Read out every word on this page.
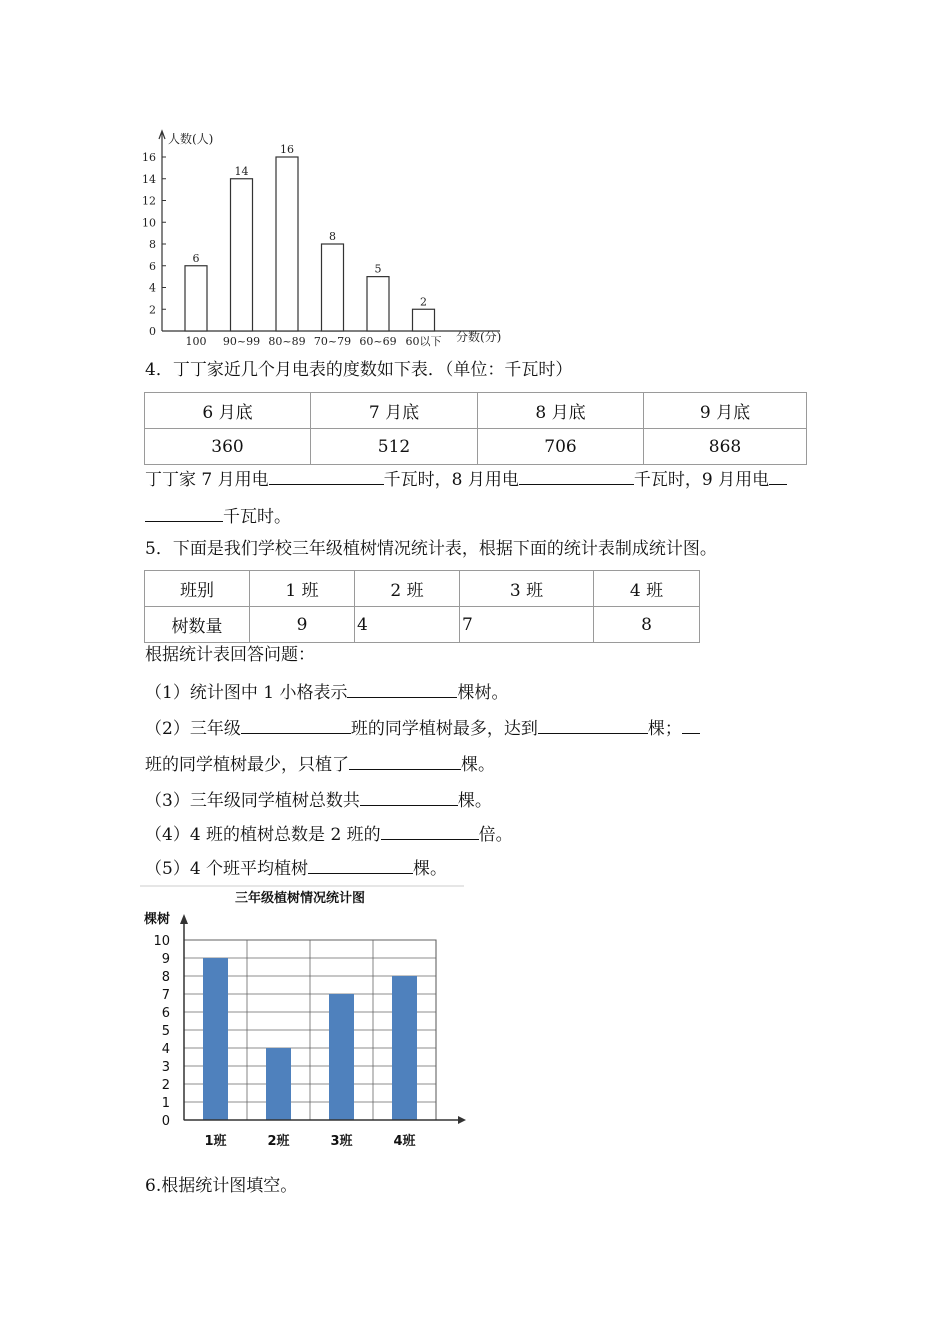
0
2
4
6
8
10
12
14
16
6
100
14
90~99
16
80~89
8
70~79
5
60~69
2
60以下
人数(人)
分数(分)
4．丁丁家近几个月电表的度数如下表．（单位：千瓦时）
6 月底	7 月底	8 月底	9 月底
360	512	706	868
丁丁家 7 月用电	千瓦时，8 月用电	千瓦时，9 月用电
千瓦时。
5．下面是我们学校三年级植树情况统计表，根据下面的统计表制成统计图。
班别	1 班	2 班	3 班	4 班
树数量	9	4	7	8
根据统计表回答问题：
（1）统计图中 1 小格表示	棵树。
（2）三年级	班的同学植树最多，达到	棵；
班的同学植树最少，只植了	棵。
（3）三年级同学植树总数共	棵。
（4）4 班的植树总数是 2 班的	倍。
（5）4 个班平均植树	棵。
三年级植树情况统计图
棵树
0
1
2
3
4
5
6
7
8
9
10
1班	2班	3班	4班
6.根据统计图填空。
